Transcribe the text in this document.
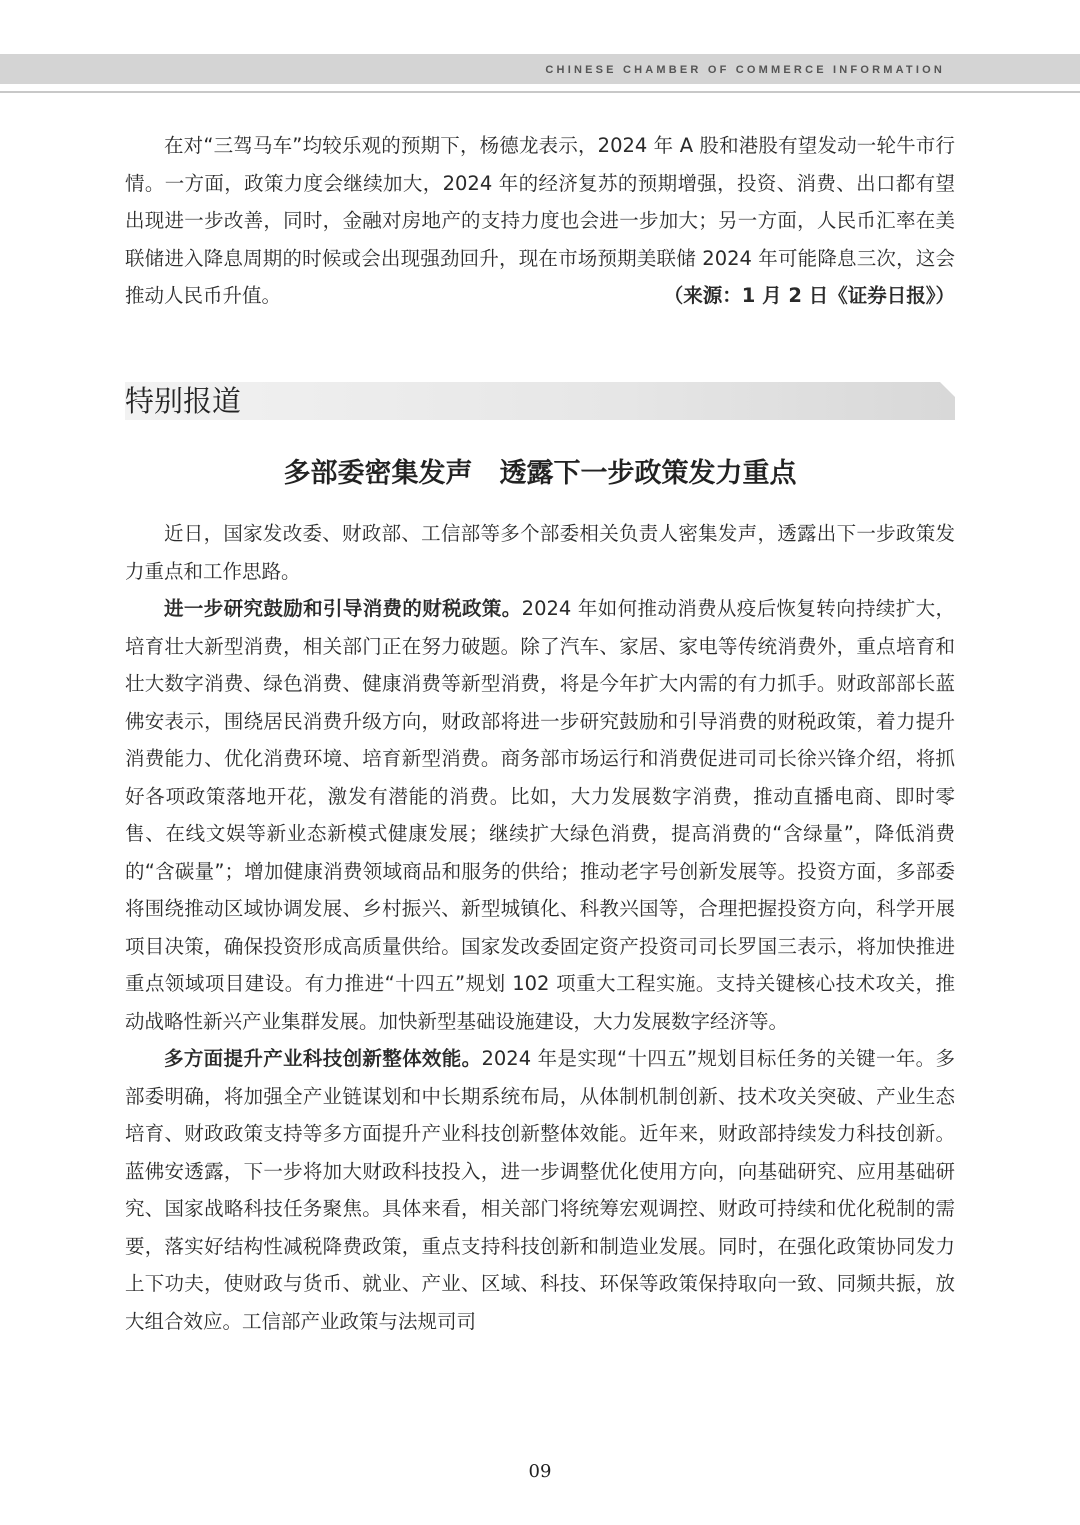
CHINESE CHAMBER OF COMMERCE INFORMATION

在对“三驾马车”均较乐观的预期下，杨德龙表示，2024 年 A 股和港股有望发动一轮牛市行情。一方面，政策力度会继续加大，2024 年的经济复苏的预期增强，投资、消费、出口都有望出现进一步改善，同时，金融对房地产的支持力度也会进一步加大；另一方面，人民币汇率在美联储进入降息周期的时候或会出现强劲回升，现在市场预期美联储 2024 年可能降息三次，这会推动人民币升值。	（来源：1 月 2 日《证券日报》）

特别报道
多部委密集发声　透露下一步政策发力重点

近日，国家发改委、财政部、工信部等多个部委相关负责人密集发声，透露出下一步政策发力重点和工作思路。

进一步研究鼓励和引导消费的财税政策。2024 年如何推动消费从疫后恢复转向持续扩大，培育壮大新型消费，相关部门正在努力破题。除了汽车、家居、家电等传统消费外，重点培育和壮大数字消费、绿色消费、健康消费等新型消费，将是今年扩大内需的有力抓手。财政部部长蓝佛安表示，围绕居民消费升级方向，财政部将进一步研究鼓励和引导消费的财税政策，着力提升消费能力、优化消费环境、培育新型消费。商务部市场运行和消费促进司司长徐兴锋介绍，将抓好各项政策落地开花，激发有潜能的消费。比如，大力发展数字消费，推动直播电商、即时零售、在线文娱等新业态新模式健康发展；继续扩大绿色消费，提高消费的“含绿量”，降低消费的“含碳量”；增加健康消费领域商品和服务的供给；推动老字号创新发展等。投资方面，多部委将围绕推动区域协调发展、乡村振兴、新型城镇化、科教兴国等，合理把握投资方向，科学开展项目决策，确保投资形成高质量供给。国家发改委固定资产投资司司长罗国三表示，将加快推进重点领域项目建设。有力推进“十四五”规划 102 项重大工程实施。支持关键核心技术攻关，推动战略性新兴产业集群发展。加快新型基础设施建设，大力发展数字经济等。

多方面提升产业科技创新整体效能。2024 年是实现“十四五”规划目标任务的关键一年。多部委明确，将加强全产业链谋划和中长期系统布局，从体制机制创新、技术攻关突破、产业生态培育、财政政策支持等多方面提升产业科技创新整体效能。近年来，财政部持续发力科技创新。蓝佛安透露，下一步将加大财政科技投入，进一步调整优化使用方向，向基础研究、应用基础研究、国家战略科技任务聚焦。具体来看，相关部门将统筹宏观调控、财政可持续和优化税制的需要，落实好结构性减税降费政策，重点支持科技创新和制造业发展。同时，在强化政策协同发力上下功夫，使财政与货币、就业、产业、区域、科技、环保等政策保持取向一致、同频共振，放大组合效应。工信部产业政策与法规司司

09
